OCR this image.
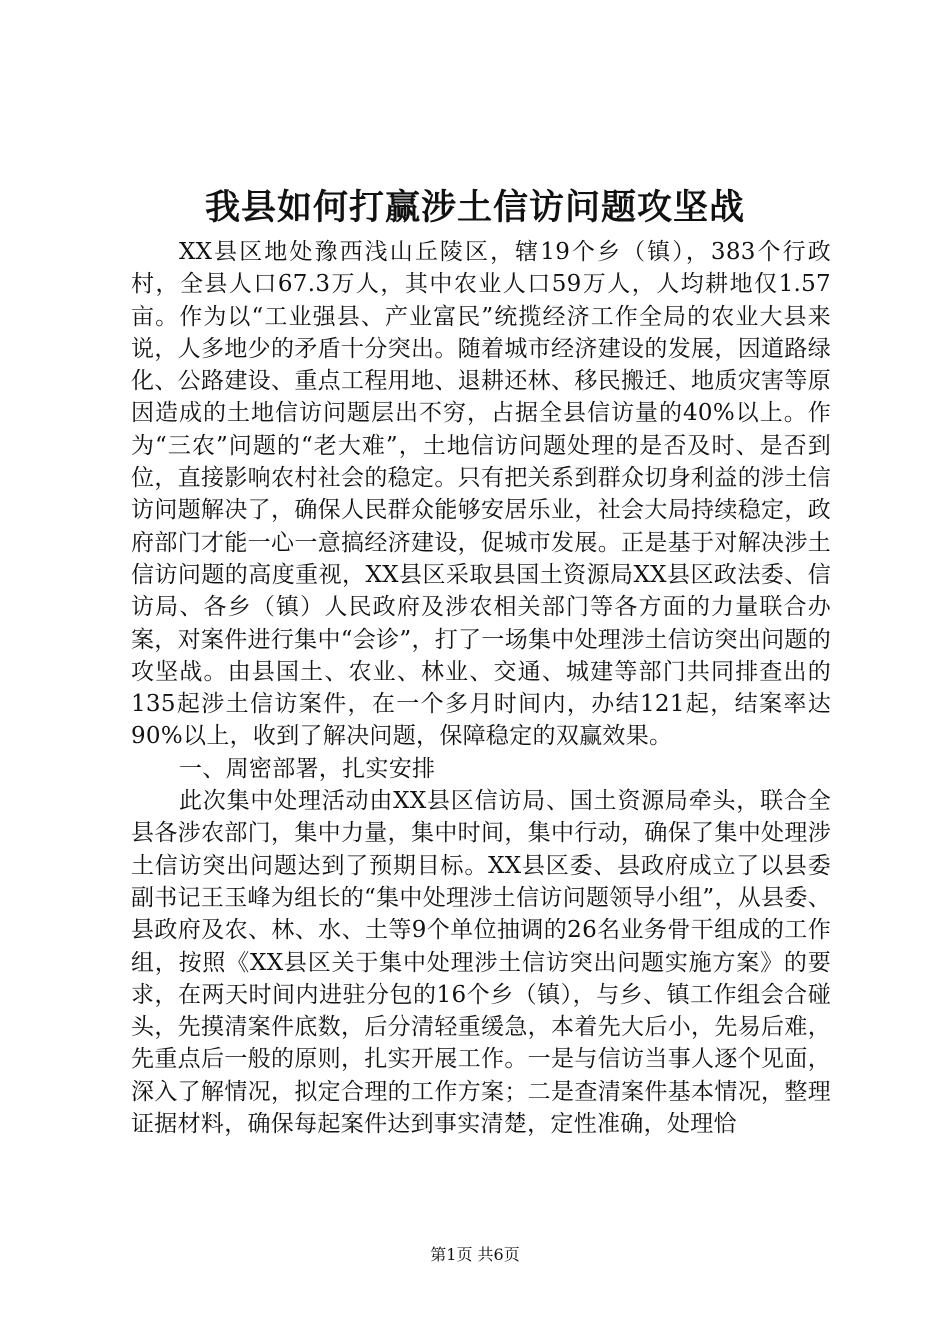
我县如何打赢涉土信访问题攻坚战

XX县区地处豫西浅山丘陵区，辖19个乡（镇），383个行政村，全县人口67.3万人，其中农业人口59万人，人均耕地仅1.57亩。作为以“工业强县、产业富民”统揽经济工作全局的农业大县来说，人多地少的矛盾十分突出。随着城市经济建设的发展，因道路绿化、公路建设、重点工程用地、退耕还林、移民搬迁、地质灾害等原因造成的土地信访问题层出不穷，占据全县信访量的40%以上。作为“三农”问题的“老大难”，土地信访问题处理的是否及时、是否到位，直接影响农村社会的稳定。只有把关系到群众切身利益的涉土信访问题解决了，确保人民群众能够安居乐业，社会大局持续稳定，政府部门才能一心一意搞经济建设，促城市发展。正是基于对解决涉土信访问题的高度重视，XX县区采取县国土资源局XX县区政法委、信访局、各乡（镇）人民政府及涉农相关部门等各方面的力量联合办案，对案件进行集中“会诊”，打了一场集中处理涉土信访突出问题的攻坚战。由县国土、农业、林业、交通、城建等部门共同排查出的135起涉土信访案件，在一个多月时间内，办结121起，结案率达90%以上，收到了解决问题，保障稳定的双赢效果。

一、周密部署，扎实安排

此次集中处理活动由XX县区信访局、国土资源局牵头，联合全县各涉农部门，集中力量，集中时间，集中行动，确保了集中处理涉土信访突出问题达到了预期目标。XX县区委、县政府成立了以县委副书记王玉峰为组长的“集中处理涉土信访问题领导小组”，从县委、县政府及农、林、水、土等9个单位抽调的26名业务骨干组成的工作组，按照《XX县区关于集中处理涉土信访突出问题实施方案》的要求，在两天时间内进驻分包的16个乡（镇），与乡、镇工作组会合碰头，先摸清案件底数，后分清轻重缓急，本着先大后小，先易后难，先重点后一般的原则，扎实开展工作。一是与信访当事人逐个见面，深入了解情况，拟定合理的工作方案；二是查清案件基本情况，整理证据材料，确保每起案件达到事实清楚，定性准确，处理恰

第1页 共6页
